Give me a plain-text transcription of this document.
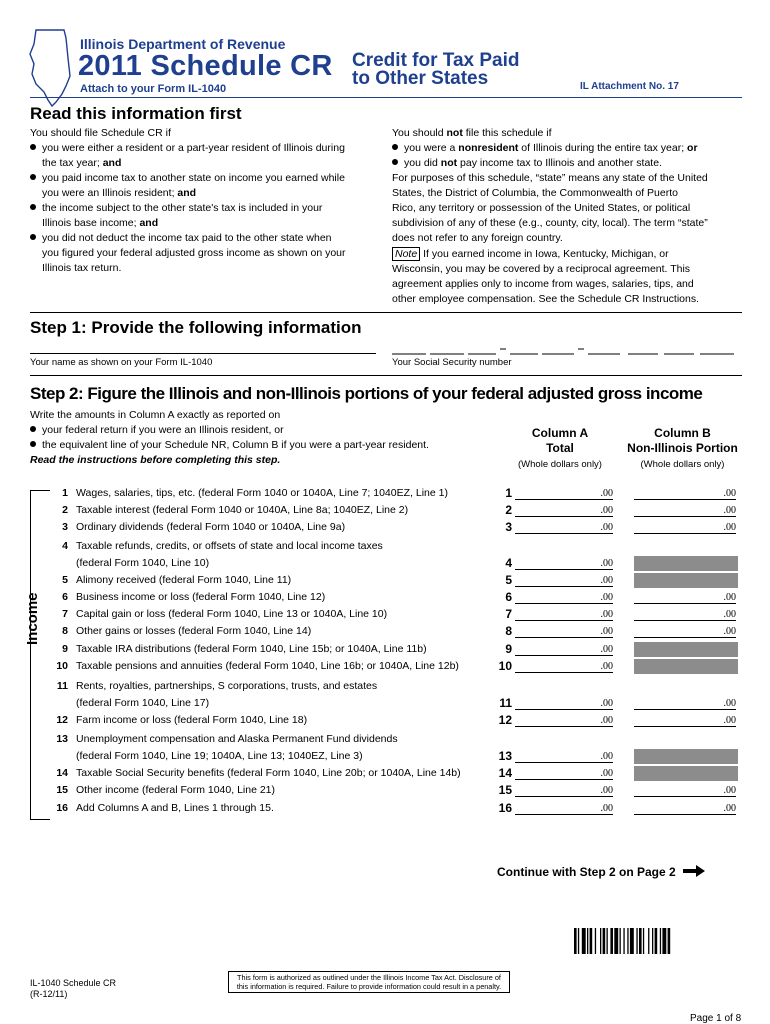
Illinois Department of Revenue
2011 Schedule CR
Attach to your Form IL-1040
Credit for Tax Paid
to Other States	IL Attachment No. 17
Read this information first
You should file Schedule CR if
you were either a resident or a part-year resident of Illinois during
the tax year; and
you paid income tax to another state on income you earned while
you were an Illinois resident; and
the income subject to the other state's tax is included in your
Illinois base income; and
you did not deduct the income tax paid to the other state when
you figured your federal adjusted gross income as shown on your
Illinois tax return.
You should not file this schedule if
you were a nonresident of Illinois during the entire tax year; or
you did not pay income tax to Illinois and another state.
For purposes of this schedule, “state” means any state of the United
States, the District of Columbia, the Commonwealth of Puerto
Rico, any territory or possession of the United States, or political
subdivision of any of these (e.g., county, city, local). The term “state”
does not refer to any foreign country.
Note If you earned income in Iowa, Kentucky, Michigan, or
Wisconsin, you may be covered by a reciprocal agreement. This
agreement applies only to income from wages, salaries, tips, and
other employee compensation. See the Schedule CR Instructions.
Step 1: Provide the following information
Your name as shown on your Form IL-1040	Your Social Security number
Step 2: Figure the Illinois and non-Illinois portions of your federal adjusted gross income
Write the amounts in Column A exactly as reported on
your federal return if you were an Illinois resident, or
the equivalent line of your Schedule NR, Column B if you were a part-year resident.
Read the instructions before completing this step.
Column A
Total
(Whole dollars only)
Column B
Non-Illinois Portion
(Whole dollars only)
Income
1 Wages, salaries, tips, etc. (federal Form 1040 or 1040A, Line 7; 1040EZ, Line 1)	1	.00	.00
2 Taxable interest (federal Form 1040 or 1040A, Line 8a; 1040EZ, Line 2)	2	.00	.00
3 Ordinary dividends (federal Form 1040 or 1040A, Line 9a)	3	.00	.00
4 Taxable refunds, credits, or offsets of state and local income taxes
(federal Form 1040, Line 10)	4	.00
5 Alimony received (federal Form 1040, Line 11)	5	.00
6 Business income or loss (federal Form 1040, Line 12)	6	.00	.00
7 Capital gain or loss (federal Form 1040, Line 13 or 1040A, Line 10)	7	.00	.00
8 Other gains or losses (federal Form 1040, Line 14)	8	.00	.00
9 Taxable IRA distributions (federal Form 1040, Line 15b; or 1040A, Line 11b)	9	.00
10 Taxable pensions and annuities (federal Form 1040, Line 16b; or 1040A, Line 12b)	10	.00
11 Rents, royalties, partnerships, S corporations, trusts, and estates
(federal Form 1040, Line 17)	11	.00	.00
12 Farm income or loss (federal Form 1040, Line 18)	12	.00	.00
13 Unemployment compensation and Alaska Permanent Fund dividends
(federal Form 1040, Line 19; 1040A, Line 13; 1040EZ, Line 3)	13	.00
14 Taxable Social Security benefits (federal Form 1040, Line 20b; or 1040A, Line 14b)	14	.00
15 Other income (federal Form 1040, Line 21)	15	.00	.00
16 Add Columns A and B, Lines 1 through 15.	16	.00	.00
Continue with Step 2 on Page 2
IL-1040 Schedule CR
(R-12/11)
This form is authorized as outlined under the Illinois Income Tax Act. Disclosure of
this information is required. Failure to provide information could result in a penalty.
Page 1 of 8
